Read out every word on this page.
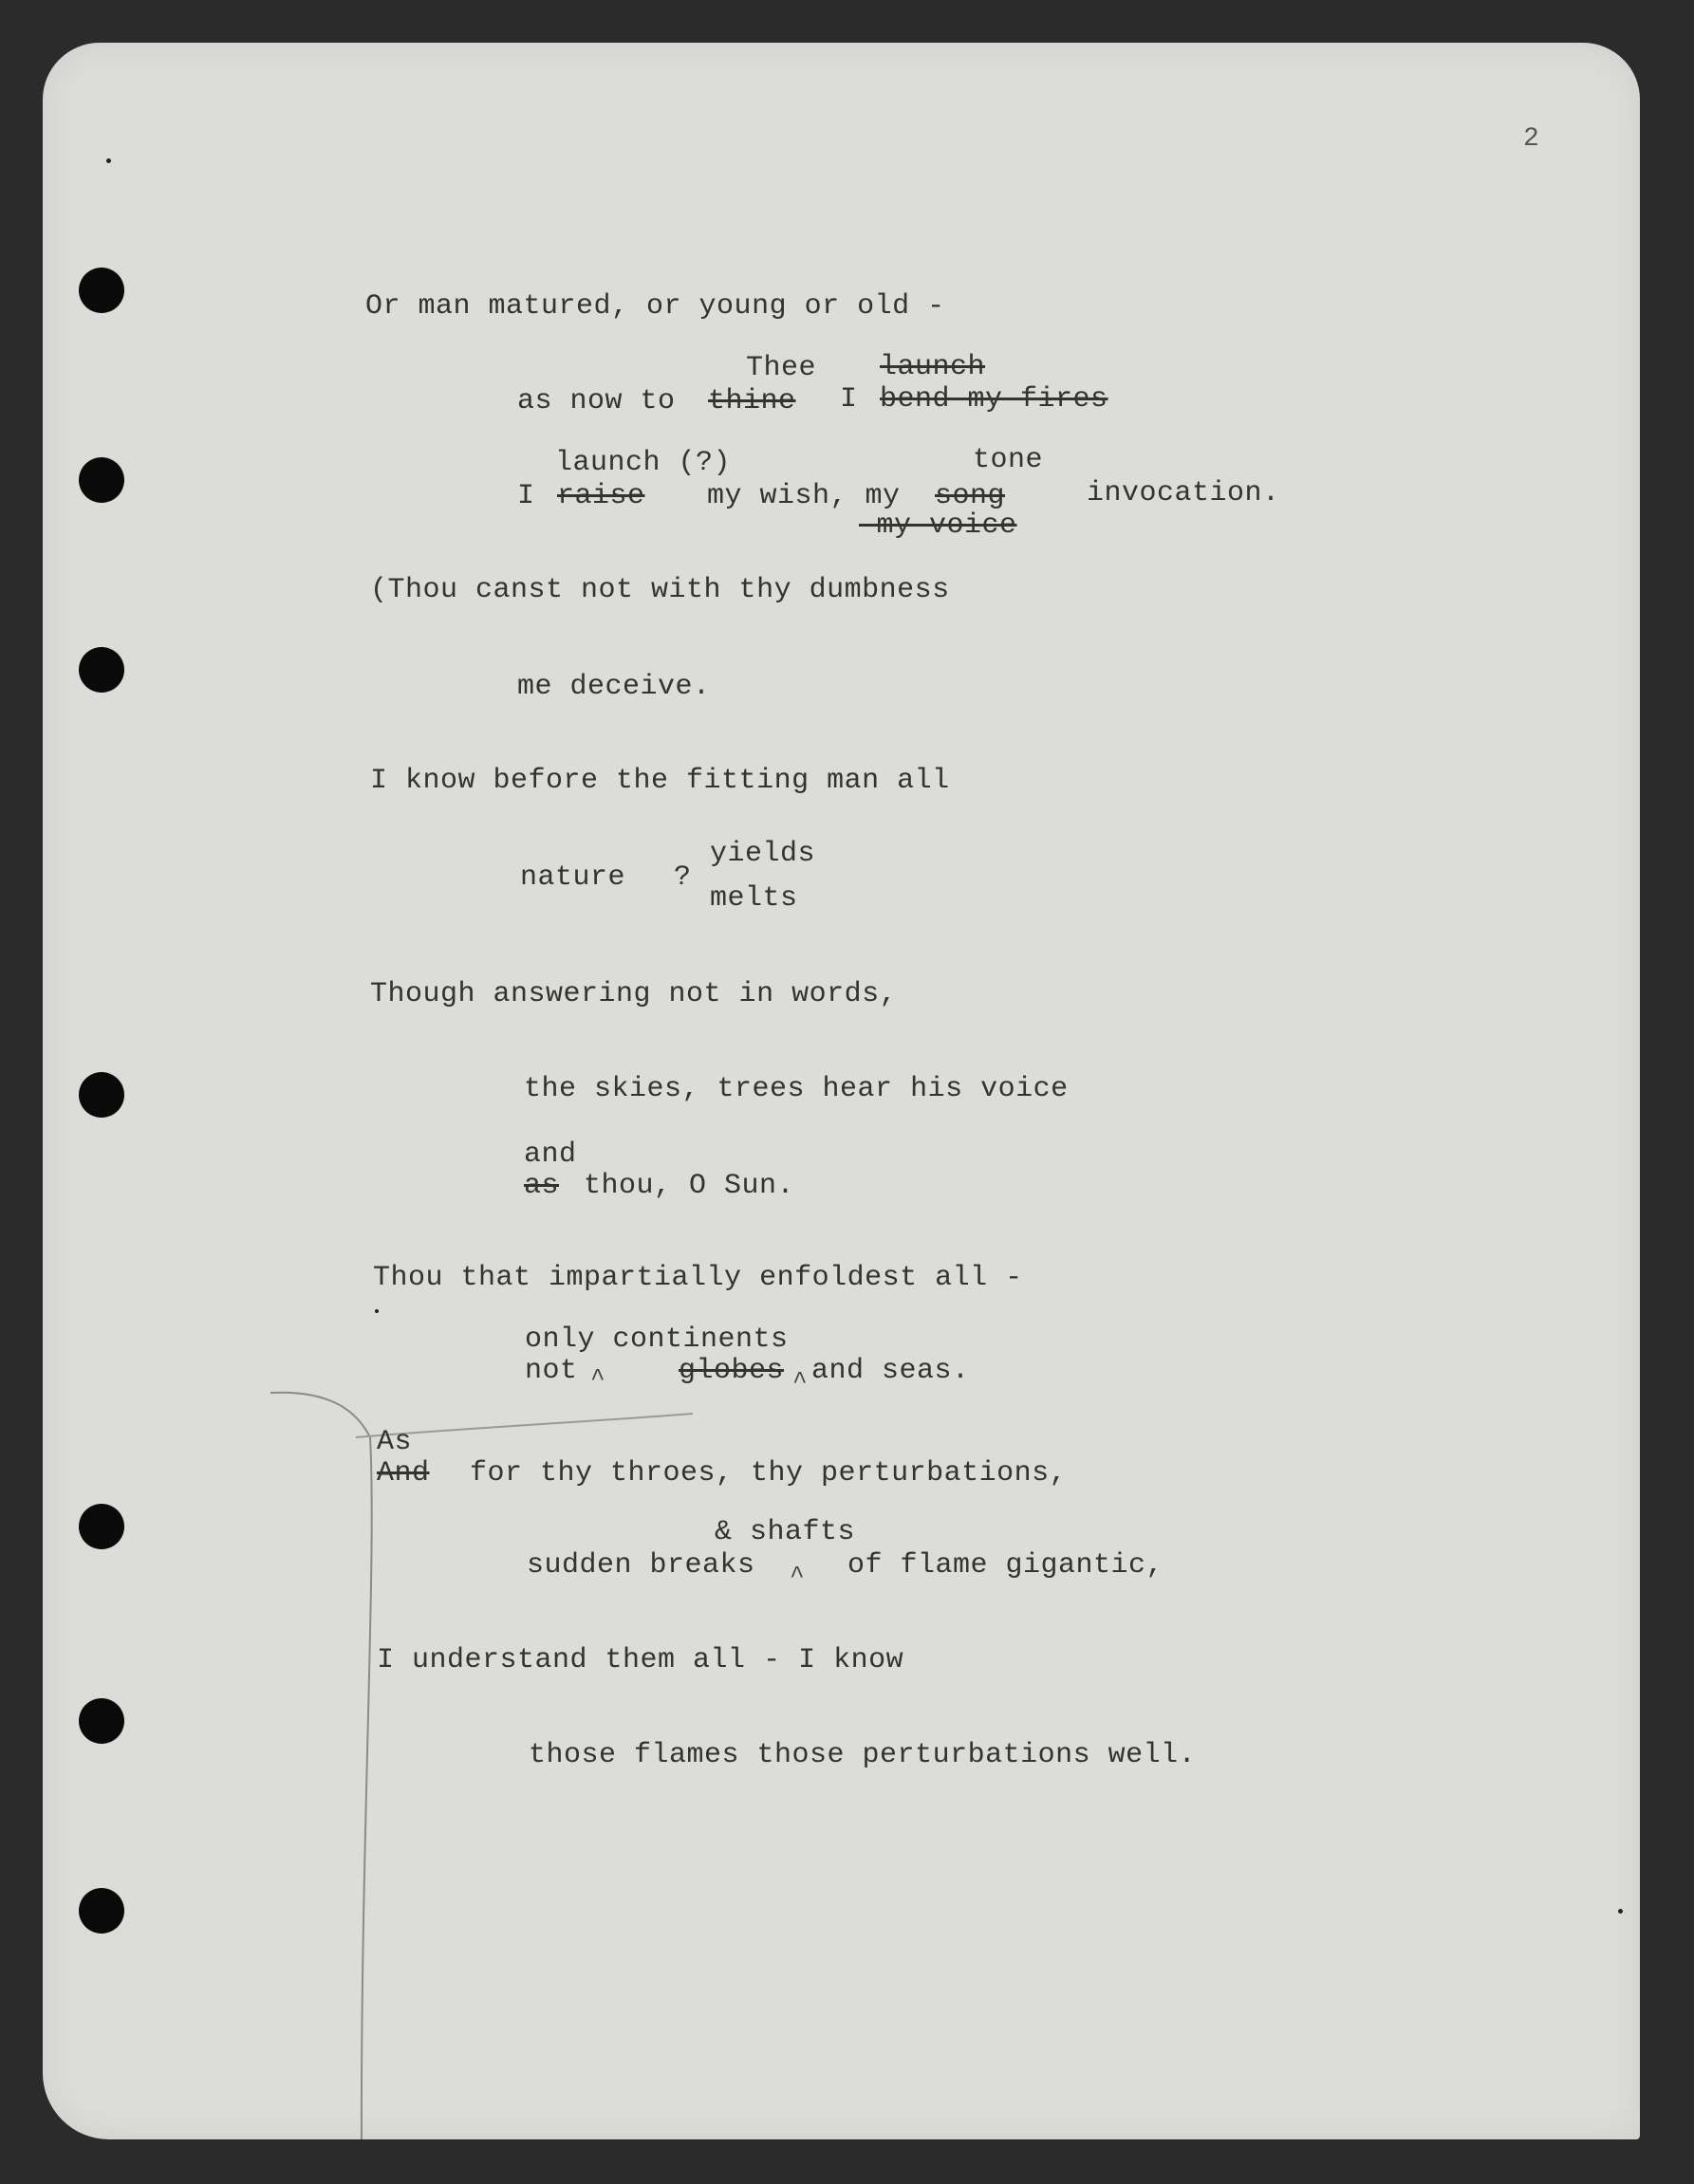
2
Or man matured, or young or old -
Thee launch
as now to thine I bend my fires
launch (?)	tone
I raise my wish, my song	invocation.
-my-voice
(Thou canst not with thy dumbness
me deceive.
I know before the fitting man all
nature ?
yields
melts
Though answering not in words,
the skies, trees hear his voice
and
as thou, O Sun.
Thou that impartially enfoldest all -
only continents
not ^	globes ^ and seas.
As
And for thy throes, thy perturbations,
& shafts
sudden breaks ^ of flame gigantic,
I understand them all - I know
those flames those perturbations well.
